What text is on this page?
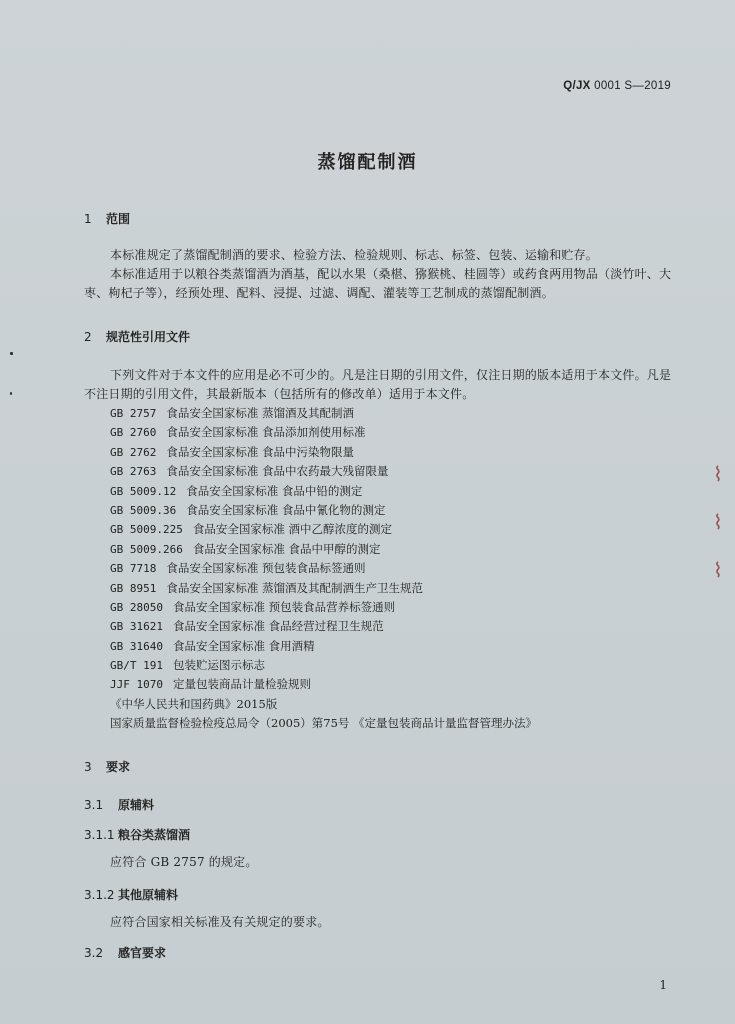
Q/JX 0001 S—2019
蒸馏配制酒
1 范围
本标准规定了蒸馏配制酒的要求、检验方法、检验规则、标志、标签、包装、运输和贮存。
本标准适用于以粮谷类蒸馏酒为酒基，配以水果（桑椹、猕猴桃、桂圆等）或药食两用物品（淡竹叶、大枣、枸杞子等），经预处理、配料、浸提、过滤、调配、灌装等工艺制成的蒸馏配制酒。
2 规范性引用文件
下列文件对于本文件的应用是必不可少的。凡是注日期的引用文件，仅注日期的版本适用于本文件。凡是不注日期的引用文件，其最新版本（包括所有的修改单）适用于本文件。
GB 2757 食品安全国家标准 蒸馏酒及其配制酒
GB 2760 食品安全国家标准 食品添加剂使用标准
GB 2762 食品安全国家标准 食品中污染物限量
GB 2763 食品安全国家标准 食品中农药最大残留限量
GB 5009.12 食品安全国家标准 食品中铅的测定
GB 5009.36 食品安全国家标准 食品中氰化物的测定
GB 5009.225 食品安全国家标准 酒中乙醇浓度的测定
GB 5009.266 食品安全国家标准 食品中甲醇的测定
GB 7718 食品安全国家标准 预包装食品标签通则
GB 8951 食品安全国家标准 蒸馏酒及其配制酒生产卫生规范
GB 28050 食品安全国家标准 预包装食品营养标签通则
GB 31621 食品安全国家标准 食品经营过程卫生规范
GB 31640 食品安全国家标准 食用酒精
GB/T 191 包装贮运图示标志
JJF 1070 定量包装商品计量检验规则
《中华人民共和国药典》2015版
国家质量监督检验检疫总局令（2005）第75号 《定量包装商品计量监督管理办法》
3 要求
3.1 原辅料
3.1.1 粮谷类蒸馏酒
应符合 GB 2757 的规定。
3.1.2 其他原辅料
应符合国家相关标准及有关规定的要求。
3.2 感官要求
1
⌇
⌇
⌇
